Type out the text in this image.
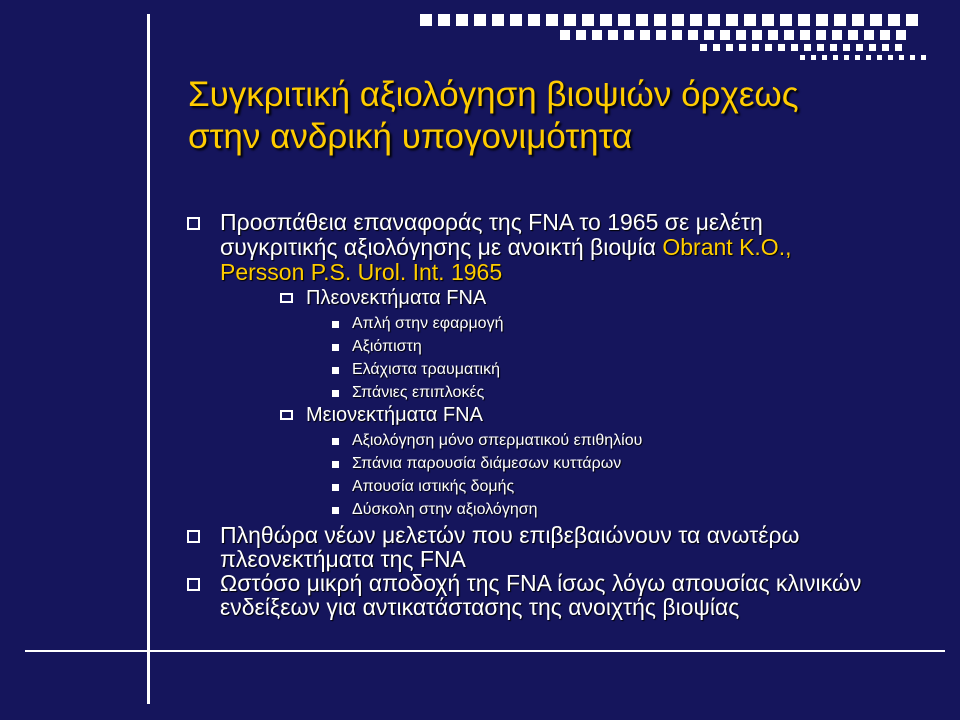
Συγκριτική αξιολόγηση βιοψιών όρχεως
στην ανδρική υπογονιμότητα
Προσπάθεια επαναφοράς της FNA το 1965 σε μελέτη
συγκριτικής αξιολόγησης με ανοικτή βιοψία Obrant K.O.,
Persson P.S. Urol. Int. 1965
Πλεονεκτήματα FNA
Απλή στην εφαρμογή
Αξιόπιστη
Ελάχιστα τραυματική
Σπάνιες επιπλοκές
Μειονεκτήματα FNA
Αξιολόγηση μόνο σπερματικού επιθηλίου
Σπάνια παρουσία διάμεσων κυττάρων
Απουσία ιστικής δομής
Δύσκολη στην αξιολόγηση
Πληθώρα νέων μελετών που επιβεβαιώνουν τα ανωτέρω
πλεονεκτήματα της FNA
Ωστόσο μικρή αποδοχή της FNA ίσως λόγω απουσίας κλινικών
ενδείξεων για αντικατάστασης της ανοιχτής βιοψίας
